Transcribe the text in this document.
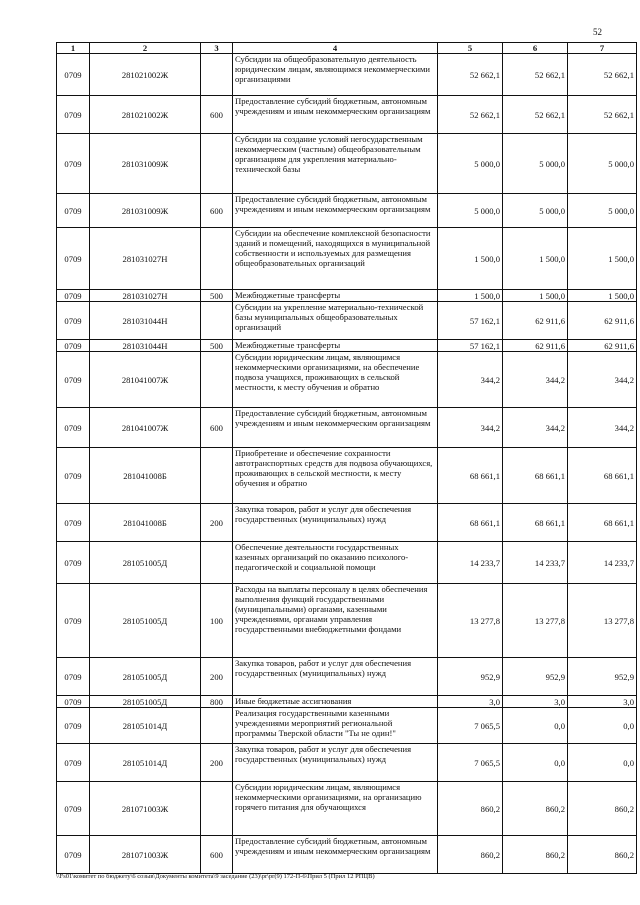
52
1	2	3	4	5	6	7
0709	281021002Ж		Субсидии на общеобразовательную деятельность юридическим лицам, являющимся некоммерческими организациями	52 662,1	52 662,1	52 662,1
0709	281021002Ж	600	Предоставление субсидий бюджетным, автономным учреждениям и иным некоммерческим организациям	52 662,1	52 662,1	52 662,1
0709	281031009Ж		Субсидии на создание условий негосударственным некоммерческим (частным) общеобразовательным организациям для укрепления материально-технической базы	5 000,0	5 000,0	5 000,0
0709	281031009Ж	600	Предоставление субсидий бюджетным, автономным учреждениям и иным некоммерческим организациям	5 000,0	5 000,0	5 000,0
0709	281031027Н		Субсидии на обеспечение комплексной безопасности зданий и помещений, находящихся в муниципальной собственности и используемых для размещения общеобразовательных организаций	1 500,0	1 500,0	1 500,0
0709	281031027Н	500	Межбюджетные трансферты	1 500,0	1 500,0	1 500,0
0709	281031044Н		Субсидии на укрепление материально-технической базы муниципальных общеобразовательных организаций	57 162,1	62 911,6	62 911,6
0709	281031044Н	500	Межбюджетные трансферты	57 162,1	62 911,6	62 911,6
0709	281041007Ж		Субсидии юридическим лицам, являющимся некоммерческими организациями, на обеспечение подвоза учащихся, проживающих в сельской местности, к месту обучения и обратно	344,2	344,2	344,2
0709	281041007Ж	600	Предоставление субсидий бюджетным, автономным учреждениям и иным некоммерческим организациям	344,2	344,2	344,2
0709	281041008Б		Приобретение и обеспечение сохранности автотранспортных средств для подвоза обучающихся, проживающих в сельской местности, к месту обучения и обратно	68 661,1	68 661,1	68 661,1
0709	281041008Б	200	Закупка товаров, работ и услуг для обеспечения государственных (муниципальных) нужд	68 661,1	68 661,1	68 661,1
0709	281051005Д		Обеспечение деятельности государственных казенных организаций по оказанию психолого-педагогической и социальной помощи	14 233,7	14 233,7	14 233,7
0709	281051005Д	100	Расходы на выплаты персоналу в целях обеспечения выполнения функций государственными (муниципальными) органами, казенными учреждениями, органами управления государственными внебюджетными фондами	13 277,8	13 277,8	13 277,8
0709	281051005Д	200	Закупка товаров, работ и услуг для обеспечения государственных (муниципальных) нужд	952,9	952,9	952,9
0709	281051005Д	800	Иные бюджетные ассигнования	3,0	3,0	3,0
0709	281051014Д		Реализация государственными казенными учреждениями мероприятий региональной программы Тверской области "Ты не один!"	7 065,5	0,0	0,0
0709	281051014Д	200	Закупка товаров, работ и услуг для обеспечения государственных (муниципальных) нужд	7 065,5	0,0	0,0
0709	281071003Ж		Субсидии юридическим лицам, являющимся некоммерческими организациями, на организацию горячего питания для обучающихся	860,2	860,2	860,2
0709	281071003Ж	600	Предоставление субсидий бюджетным, автономным учреждениям и иным некоммерческим организациям	860,2	860,2	860,2
\\Fs01\комитет по бюджету\6 созыв\Документы комитета\9 заседание (23)\pr\pr(9) 172-П-6\Прил 5 (Прил 12 РПЦВ)
